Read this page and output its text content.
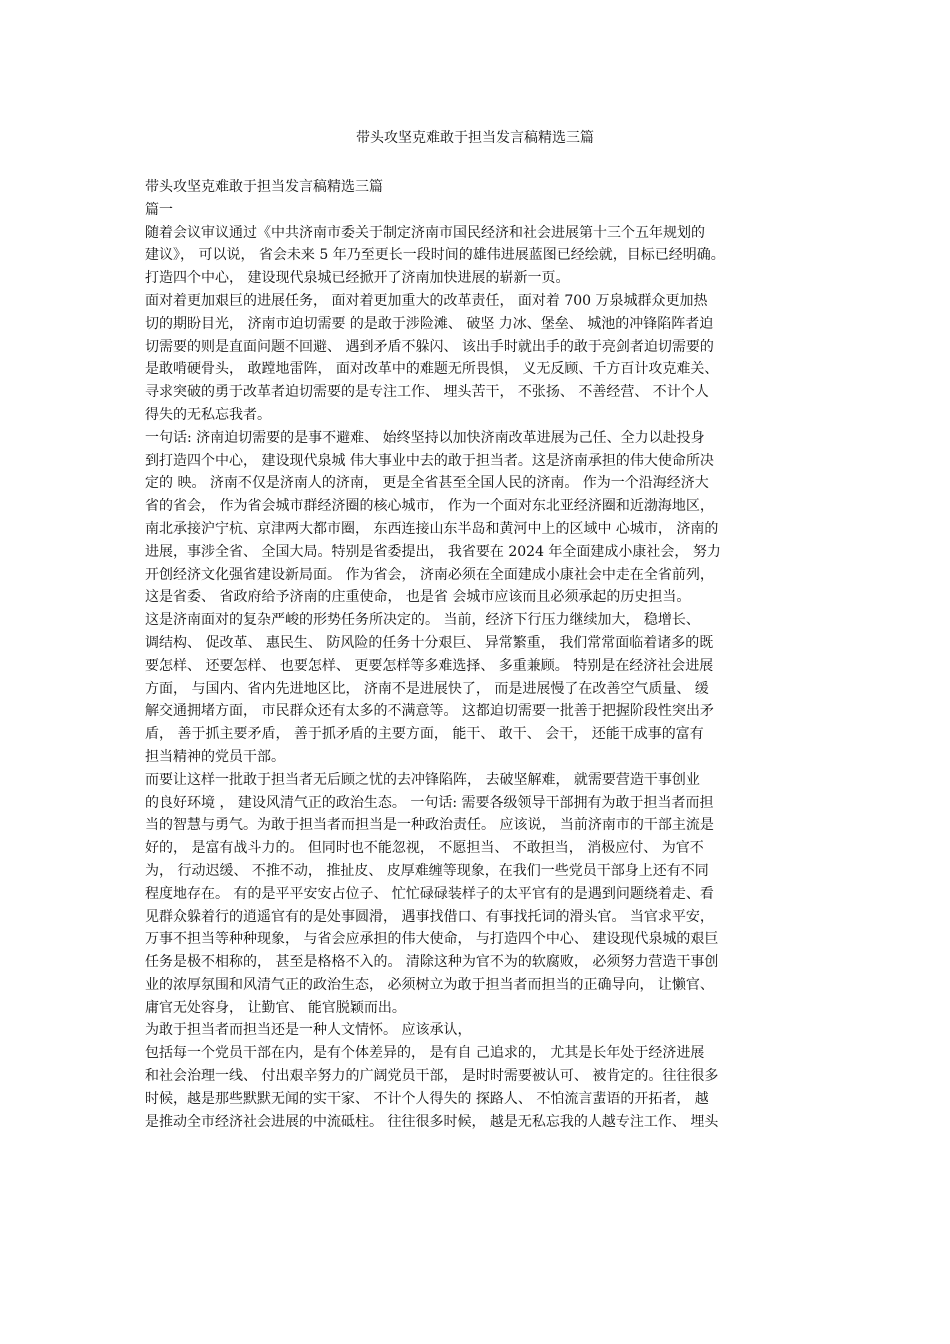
带头攻坚克难敢于担当发言稿精选三篇
带头攻坚克难敢于担当发言稿精选三篇
篇一
随着会议审议通过《中共济南市委关于制定济南市国民经济和社会进展第十三个五年规划的
建议》， 可以说， 省会未来 5 年乃至更长一段时间的雄伟进展蓝图已经绘就，目标已经明确。
打造四个中心， 建设现代泉城已经掀开了济南加快进展的崭新一页。
面对着更加艰巨的进展任务， 面对着更加重大的改革责任， 面对着 700 万泉城群众更加热
切的期盼目光， 济南市迫切需要 的是敢于涉险滩、 破坚 力冰、堡垒、 城池的冲锋陷阵者迫
切需要的则是直面问题不回避、 遇到矛盾不躲闪、 该出手时就出手的敢于亮剑者迫切需要的
是敢啃硬骨头， 敢蹚地雷阵， 面对改革中的难题无所畏惧， 义无反顾、千方百计攻克难关、
寻求突破的勇于改革者迫切需要的是专注工作、 埋头苦干， 不张扬、 不善经营、 不计个人
得失的无私忘我者。
一句话: 济南迫切需要的是事不避难、 始终坚持以加快济南改革进展为己任、全力以赴投身
到打造四个中心， 建设现代泉城 伟大事业中去的敢于担当者。这是济南承担的伟大使命所决
定的 映。 济南不仅是济南人的济南， 更是全省甚至全国人民的济南。 作为一个沿海经济大
省的省会， 作为省会城市群经济圈的核心城市， 作为一个面对东北亚经济圈和近渤海地区，
南北承接沪宁杭、京津两大都市圈， 东西连接山东半岛和黄河中上的区域中 心城市， 济南的
进展，事涉全省、 全国大局。特别是省委提出， 我省要在 2024 年全面建成小康社会， 努力
开创经济文化强省建设新局面。 作为省会， 济南必须在全面建成小康社会中走在全省前列，
这是省委、 省政府给予济南的庄重使命， 也是省 会城市应该而且必须承起的历史担当。
这是济南面对的复杂严峻的形势任务所决定的。 当前，经济下行压力继续加大， 稳增长、
调结构、 促改革、 惠民生、 防风险的任务十分艰巨、 异常繁重， 我们常常面临着诸多的既
要怎样、 还要怎样、 也要怎样、 更要怎样等多难选择、 多重兼顾。 特别是在经济社会进展
方面， 与国内、省内先进地区比， 济南不是进展快了， 而是进展慢了在改善空气质量、 缓
解交通拥堵方面， 市民群众还有太多的不满意等。 这都迫切需要一批善于把握阶段性突出矛
盾， 善于抓主要矛盾， 善于抓矛盾的主要方面， 能干、 敢干、 会干， 还能干成事的富有
担当精神的党员干部。
而要让这样一批敢于担当者无后顾之忧的去冲锋陷阵， 去破坚解难， 就需要营造干事创业
的良好环境 ， 建设风清气正的政治生态。 一句话: 需要各级领导干部拥有为敢于担当者而担
当的智慧与勇气。为敢于担当者而担当是一种政治责任。 应该说， 当前济南市的干部主流是
好的， 是富有战斗力的。 但同时也不能忽视， 不愿担当、 不敢担当， 消极应付、 为官不
为， 行动迟缓、 不推不动， 推扯皮、 皮厚难缠等现象，在我们一些党员干部身上还有不同
程度地存在。 有的是平平安安占位子、 忙忙碌碌装样子的太平官有的是遇到问题绕着走、看
见群众躲着行的逍遥官有的是处事圆滑， 遇事找借口、有事找托词的滑头官。 当官求平安，
万事不担当等种种现象， 与省会应承担的伟大使命， 与打造四个中心、 建设现代泉城的艰巨
任务是极不相称的， 甚至是格格不入的。 清除这种为官不为的软腐败， 必须努力营造干事创
业的浓厚氛围和风清气正的政治生态， 必须树立为敢于担当者而担当的正确导向， 让懒官、
庸官无处容身， 让勤官、 能官脱颖而出。
为敢于担当者而担当还是一种人文情怀。 应该承认，
包括每一个党员干部在内，是有个体差异的， 是有自 己追求的， 尤其是长年处于经济进展
和社会治理一线、 付出艰辛努力的广阔党员干部， 是时时需要被认可、 被肯定的。往往很多
时候，越是那些默默无闻的实干家、 不计个人得失的 探路人、 不怕流言蜚语的开拓者， 越
是推动全市经济社会进展的中流砥柱。 往往很多时候， 越是无私忘我的人越专注工作、 埋头
